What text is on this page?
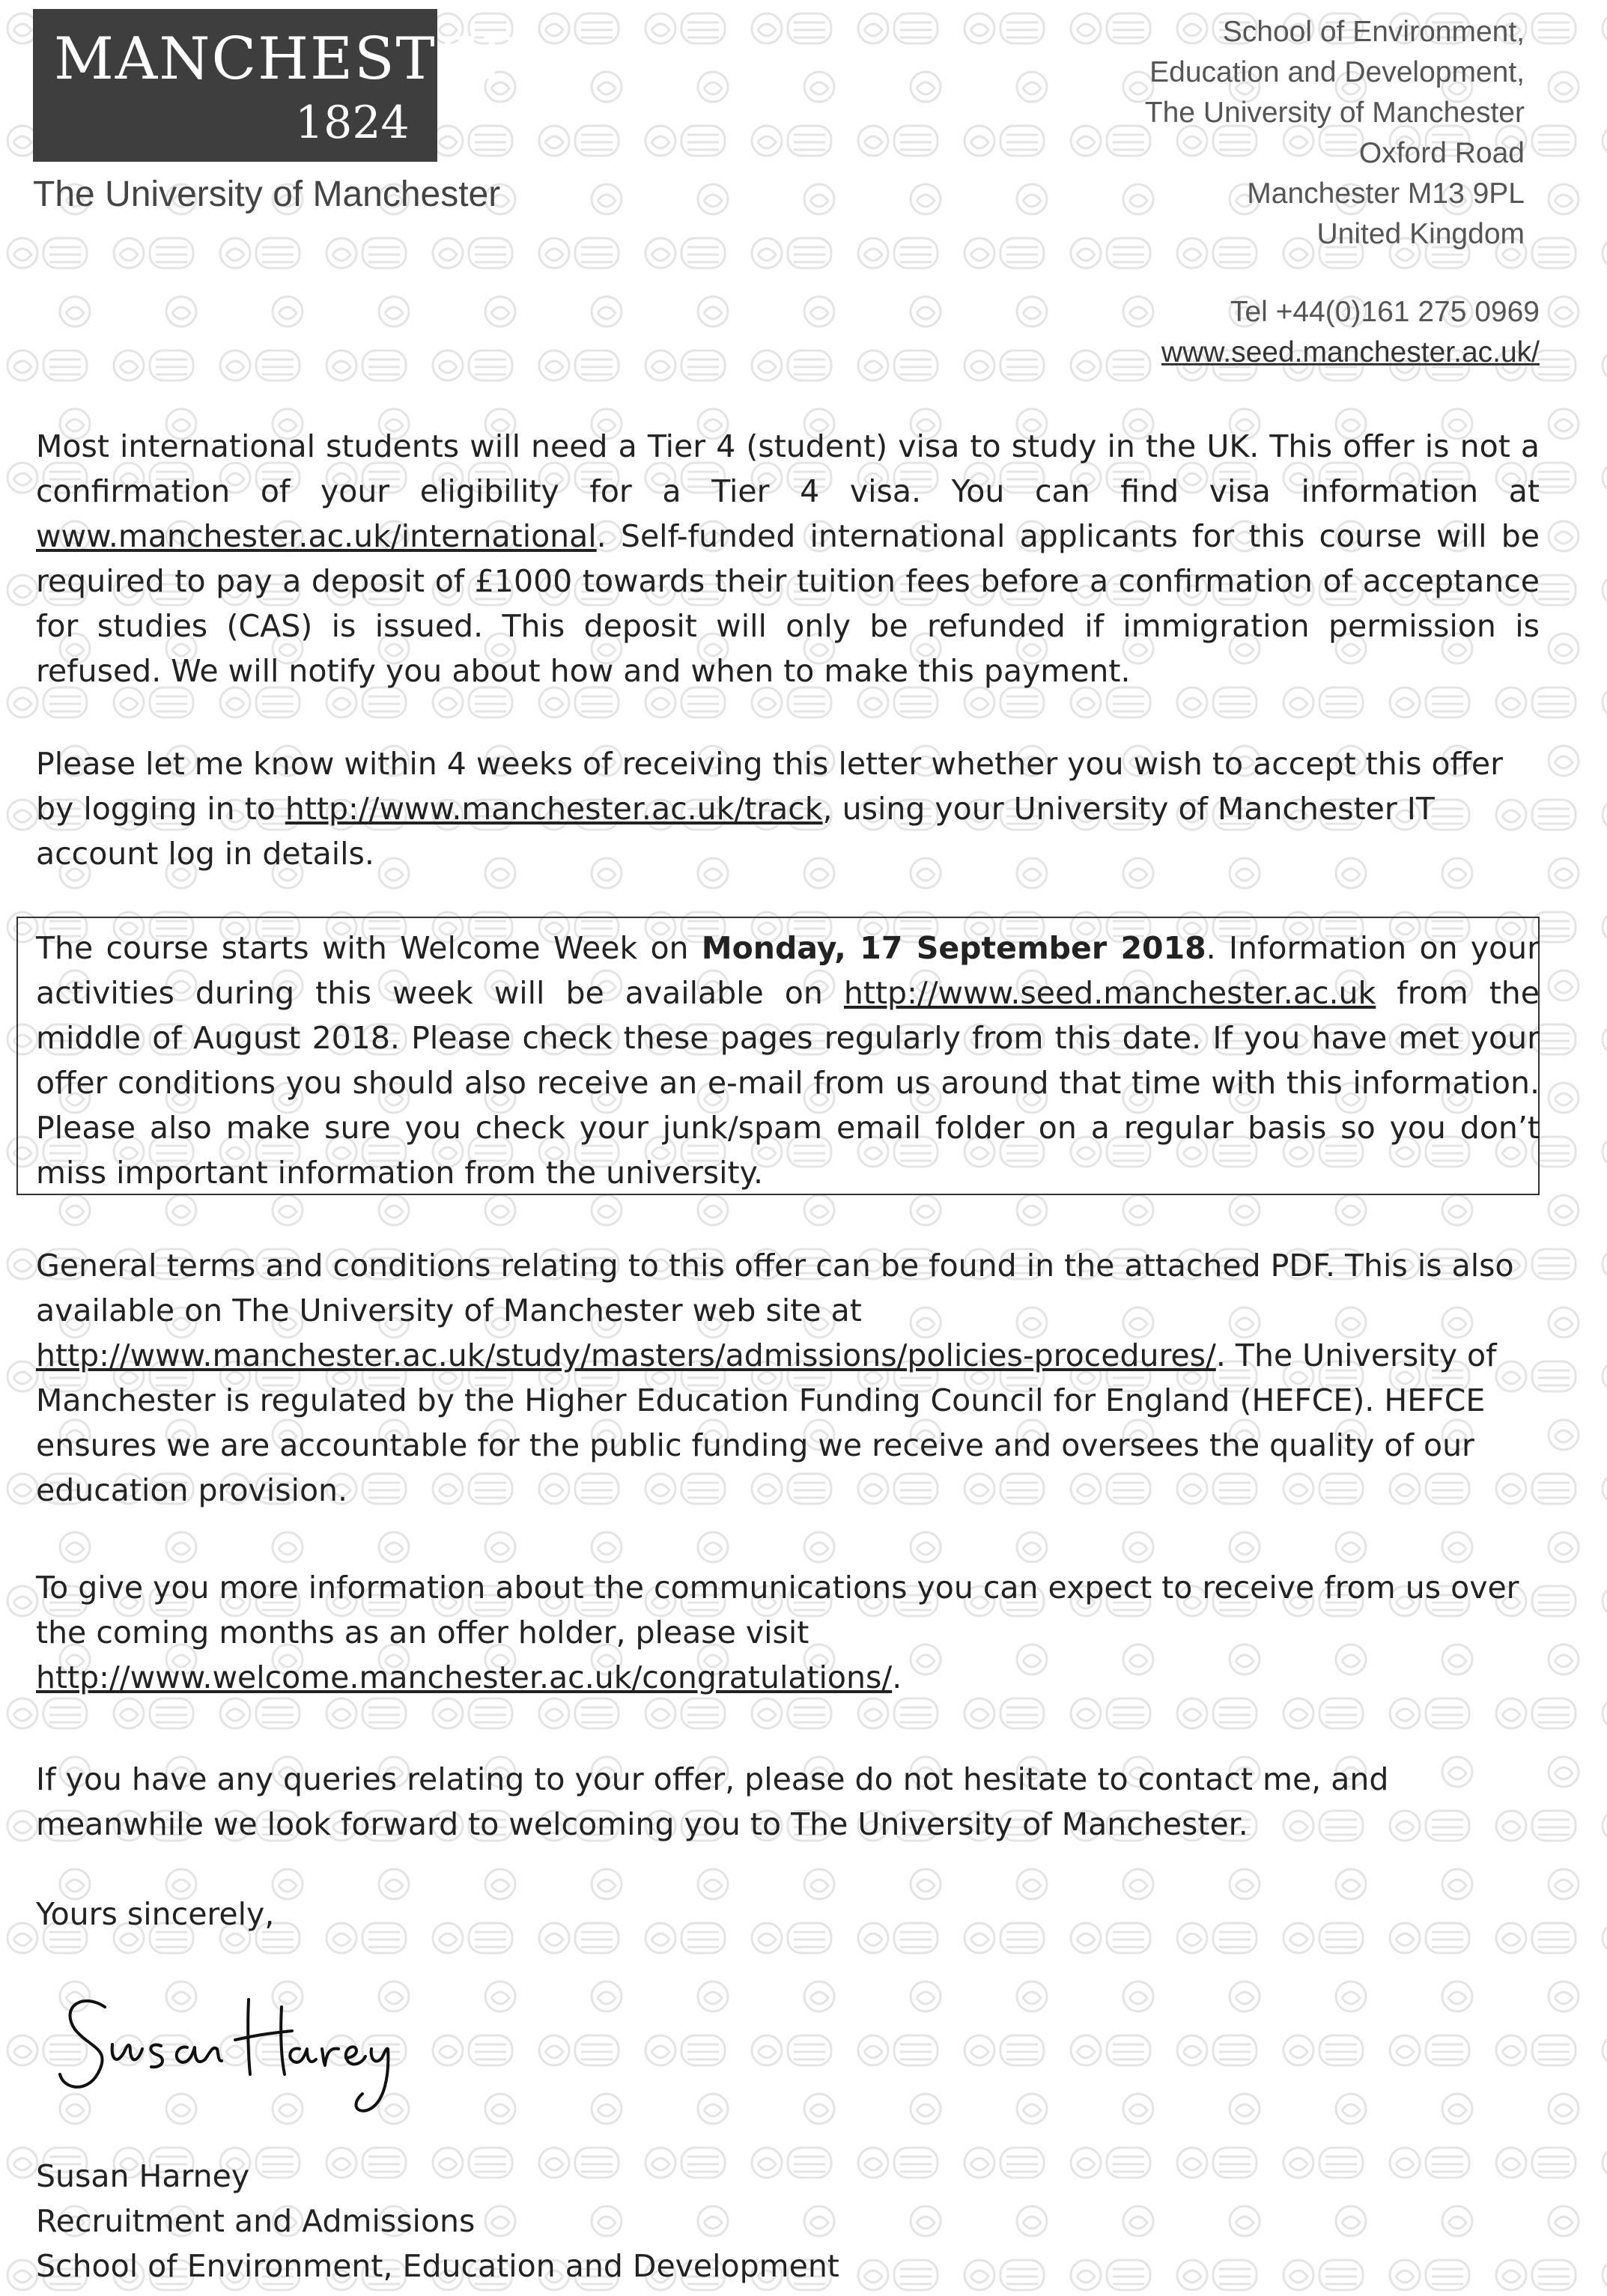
MANCHESTER
1824
The University of Manchester
School of Environment,
Education and Development,
The University of Manchester
Oxford Road
Manchester M13 9PL
United Kingdom
Tel +44(0)161 275 0969
www.seed.manchester.ac.uk/
Most international students will need a Tier 4 (student) visa to study in the UK. This offer is not a confirmation of your eligibility for a Tier 4 visa. You can find visa information at www.manchester.ac.uk/international. Self-funded international applicants for this course will be required to pay a deposit of £1000 towards their tuition fees before a confirmation of acceptance for studies (CAS) is issued. This deposit will only be refunded if immigration permission is refused. We will notify you about how and when to make this payment.
Please let me know within 4 weeks of receiving this letter whether you wish to accept this offer by logging in to http://www.manchester.ac.uk/track, using your University of Manchester IT account log in details.
The course starts with Welcome Week on Monday, 17 September 2018. Information on your activities during this week will be available on http://www.seed.manchester.ac.uk from the middle of August 2018. Please check these pages regularly from this date. If you have met your offer conditions you should also receive an e-mail from us around that time with this information. Please also make sure you check your junk/spam email folder on a regular basis so you don’t miss important information from the university.
General terms and conditions relating to this offer can be found in the attached PDF. This is also available on The University of Manchester web site at
http://www.manchester.ac.uk/study/masters/admissions/policies-procedures/. The University of Manchester is regulated by the Higher Education Funding Council for England (HEFCE). HEFCE ensures we are accountable for the public funding we receive and oversees the quality of our education provision.
To give you more information about the communications you can expect to receive from us over the coming months as an offer holder, please visit
http://www.welcome.manchester.ac.uk/congratulations/.
If you have any queries relating to your offer, please do not hesitate to contact me, and meanwhile we look forward to welcoming you to The University of Manchester.
Yours sincerely,
Susan Harney
Recruitment and Admissions
School of Environment, Education and Development
